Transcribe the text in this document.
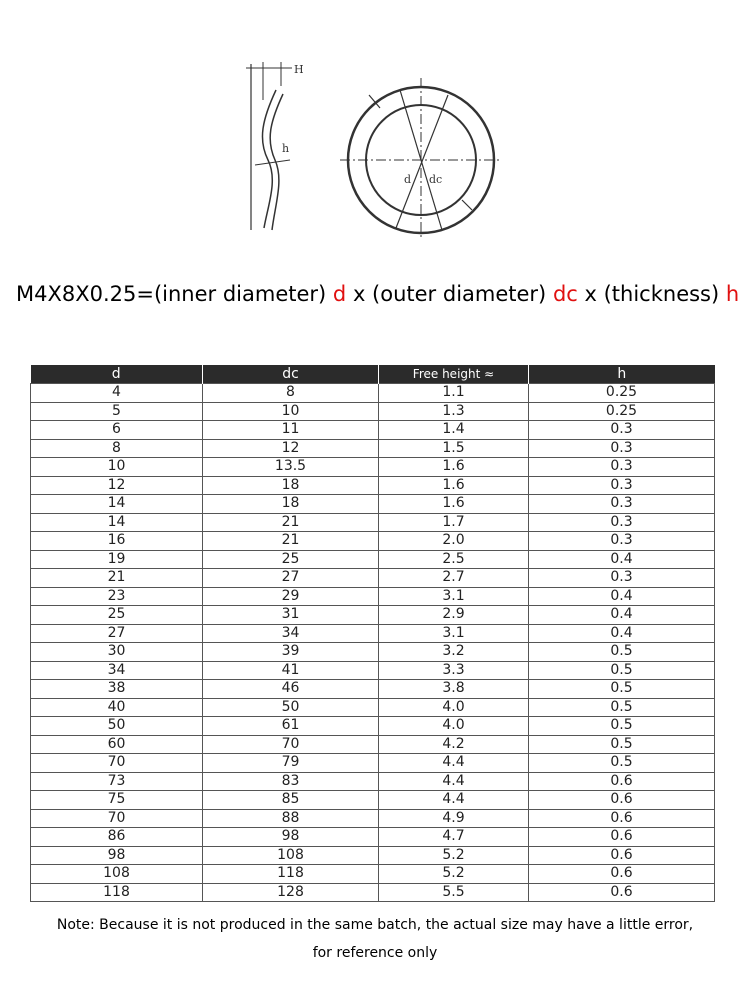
H
h
d dc
M4X8X0.25=(inner diameter) d x (outer diameter) dc x (thickness) h
d	dc	Free height ≈	h
4	8	1.1	0.25
5	10	1.3	0.25
6	11	1.4	0.3
8	12	1.5	0.3
10	13.5	1.6	0.3
12	18	1.6	0.3
14	18	1.6	0.3
14	21	1.7	0.3
16	21	2.0	0.3
19	25	2.5	0.4
21	27	2.7	0.3
23	29	3.1	0.4
25	31	2.9	0.4
27	34	3.1	0.4
30	39	3.2	0.5
34	41	3.3	0.5
38	46	3.8	0.5
40	50	4.0	0.5
50	61	4.0	0.5
60	70	4.2	0.5
70	79	4.4	0.5
73	83	4.4	0.6
75	85	4.4	0.6
70	88	4.9	0.6
86	98	4.7	0.6
98	108	5.2	0.6
108	118	5.2	0.6
118	128	5.5	0.6
Note: Because it is not produced in the same batch, the actual size may have a little error,
for reference only
